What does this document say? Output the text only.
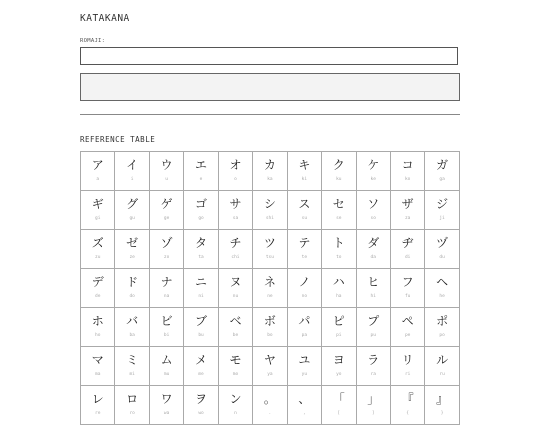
KATAKANA
ROMAJI:
REFERENCE TABLE
ア
a
イ
i
ウ
u
エ
e
オ
o
カ
ka
キ
ki
ク
ku
ケ
ke
コ
ko
ガ
ga
ギ
gi
グ
gu
ゲ
ge
ゴ
go
サ
sa
シ
shi
ス
su
セ
se
ソ
so
ザ
za
ジ
ji
ズ
zu
ゼ
ze
ゾ
zo
タ
ta
チ
chi
ツ
tsu
テ
te
ト
to
ダ
da
ヂ
di
ヅ
du
デ
de
ド
do
ナ
na
ニ
ni
ヌ
nu
ネ
ne
ノ
no
ハ
ha
ヒ
hi
フ
fu
ヘ
he
ホ
ho
バ
ba
ビ
bi
ブ
bu
ベ
be
ボ
bo
パ
pa
ピ
pi
プ
pu
ペ
pe
ポ
po
マ
ma
ミ
mi
ム
mu
メ
me
モ
mo
ヤ
ya
ユ
yu
ヨ
yo
ラ
ra
リ
ri
ル
ru
レ
re
ロ
ro
ワ
wa
ヲ
wo
ン
n
。
.
、
,
「
[
」
]
『
{
』
}
